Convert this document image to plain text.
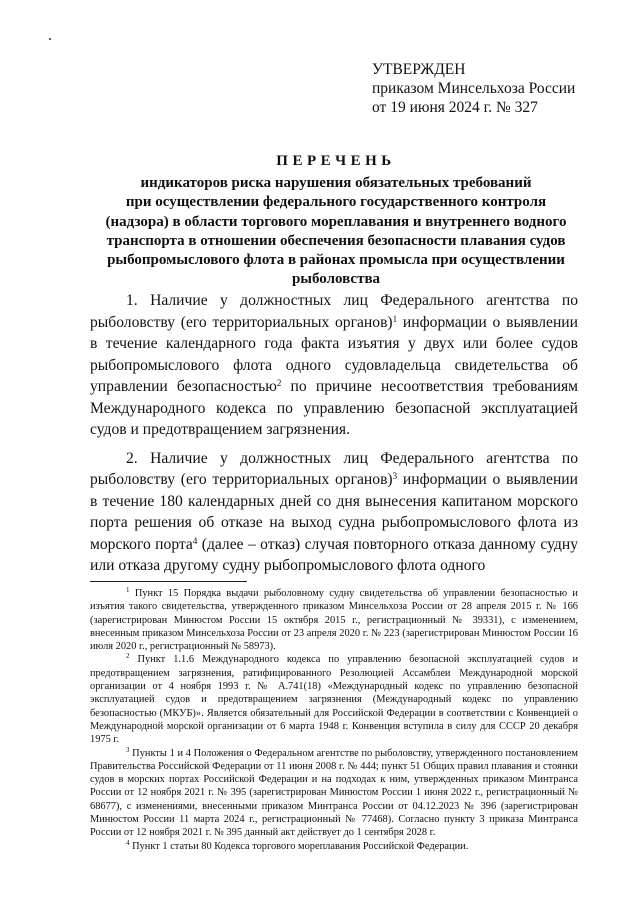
УТВЕРЖДЕН
приказом Минсельхоза России
от 19 июня 2024 г. № 327
ПЕРЕЧЕНЬ
индикаторов риска нарушения обязательных требований
при осуществлении федерального государственного контроля
(надзора) в области торгового мореплавания и внутреннего водного
транспорта в отношении обеспечения безопасности плавания судов
рыбопромыслового флота в районах промысла при осуществлении
рыболовства

1. Наличие у должностных лиц Федерального агентства по рыболовству (его территориальных органов)$^1$ информации о выявлении в течение календарного года факта изъятия у двух или более судов рыбопромыслового флота одного судовладельца свидетельства об управлении безопасностью$^2$ по причине несоответствия требованиям Международного кодекса по управлению безопасной эксплуатацией судов и предотвращением загрязнения.

2. Наличие у должностных лиц Федерального агентства по рыболовству (его территориальных органов)$^3$ информации о выявлении в течение 180 календарных дней со дня вынесения капитаном морского порта решения об отказе на выход судна рыбопромыслового флота из морского порта$^4$ (далее – отказ) случая повторного отказа данному судну или отказа другому судну рыбопромыслового флота одного

$^1$ Пункт 15 Порядка выдачи рыболовному судну свидетельства об управлении безопасностью и изъятия такого свидетельства, утвержденного приказом Минсельхоза России от 28 апреля 2015 г. № 166 (зарегистрирован Минюстом России 15 октября 2015 г., регистрационный № 39331), с изменением, внесенным приказом Минсельхоза России от 23 апреля 2020 г. № 223 (зарегистрирован Минюстом России 16 июля 2020 г., регистрационный № 58973).

$^2$ Пункт 1.1.6 Международного кодекса по управлению безопасной эксплуатацией судов и предотвращением загрязнения, ратифицированного Резолюцией Ассамблеи Международной морской организации от 4 ноября 1993 г. № А.741(18) «Международный кодекс по управлению безопасной эксплуатацией судов и предотвращением загрязнения (Международный кодекс по управлению безопасностью (МКУБ)». Является обязательный для Российской Федерации в соответствии с Конвенцией о Международной морской организации от 6 марта 1948 г. Конвенция вступила в силу для СССР 20 декабря 1975 г.

$^3$ Пункты 1 и 4 Положения о Федеральном агентстве по рыболовству, утвержденного постановлением Правительства Российской Федерации от 11 июня 2008 г. № 444; пункт 51 Общих правил плавания и стоянки судов в морских портах Российской Федерации и на подходах к ним, утвержденных приказом Минтранса России от 12 ноября 2021 г. № 395 (зарегистрирован Минюстом России 1 июня 2022 г., регистрационный № 68677), с изменениями, внесенными приказом Минтранса России от 04.12.2023 № 396 (зарегистрирован Минюстом России 11 марта 2024 г., регистрационный № 77468). Согласно пункту 3 приказа Минтранса России от 12 ноября 2021 г. № 395 данный акт действует до 1 сентября 2028 г.

$^4$ Пункт 1 статьи 80 Кодекса торгового мореплавания Российской Федерации.
